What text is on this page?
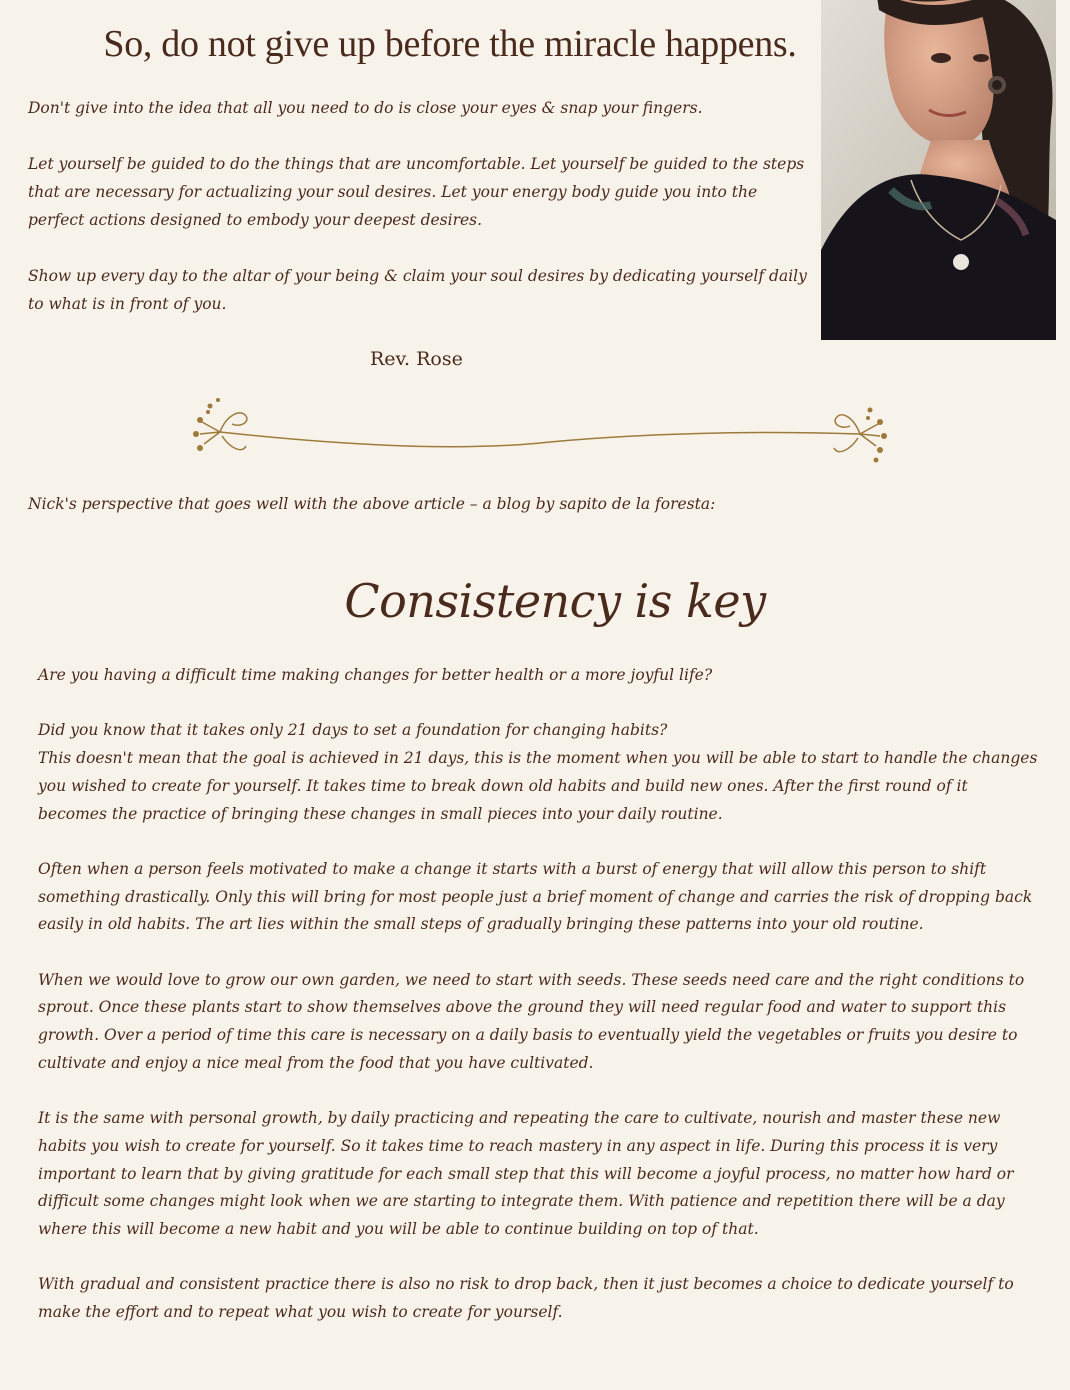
So, do not give up before the miracle happens.

Don't give into the idea that all you need to do is close your eyes & snap your fingers.

Let yourself be guided to do the things that are uncomfortable. Let yourself be guided to the steps that are necessary for actualizing your soul desires. Let your energy body guide you into the perfect actions designed to embody your deepest desires.

Show up every day to the altar of your being & claim your soul desires by dedicating yourself daily to what is in front of you.

Rev. Rose
Nick's perspective that goes well with the above article – a blog by sapito de la foresta:
Consistency is key

Are you having a difficult time making changes for better health or a more joyful life?

Did you know that it takes only 21 days to set a foundation for changing habits?

This doesn't mean that the goal is achieved in 21 days, this is the moment when you will be able to start to handle the changes you wished to create for yourself. It takes time to break down old habits and build new ones. After the first round of it becomes the practice of bringing these changes in small pieces into your daily routine.

Often when a person feels motivated to make a change it starts with a burst of energy that will allow this person to shift something drastically. Only this will bring for most people just a brief moment of change and carries the risk of dropping back easily in old habits. The art lies within the small steps of gradually bringing these patterns into your old routine.

When we would love to grow our own garden, we need to start with seeds. These seeds need care and the right conditions to sprout. Once these plants start to show themselves above the ground they will need regular food and water to support this growth. Over a period of time this care is necessary on a daily basis to eventually yield the vegetables or fruits you desire to cultivate and enjoy a nice meal from the food that you have cultivated.

It is the same with personal growth, by daily practicing and repeating the care to cultivate, nourish and master these new habits you wish to create for yourself. So it takes time to reach mastery in any aspect in life. During this process it is very important to learn that by giving gratitude for each small step that this will become a joyful process, no matter how hard or difficult some changes might look when we are starting to integrate them. With patience and repetition there will be a day where this will become a new habit and you will be able to continue building on top of that.

With gradual and consistent practice there is also no risk to drop back, then it just becomes a choice to dedicate yourself to make the effort and to repeat what you wish to create for yourself.
